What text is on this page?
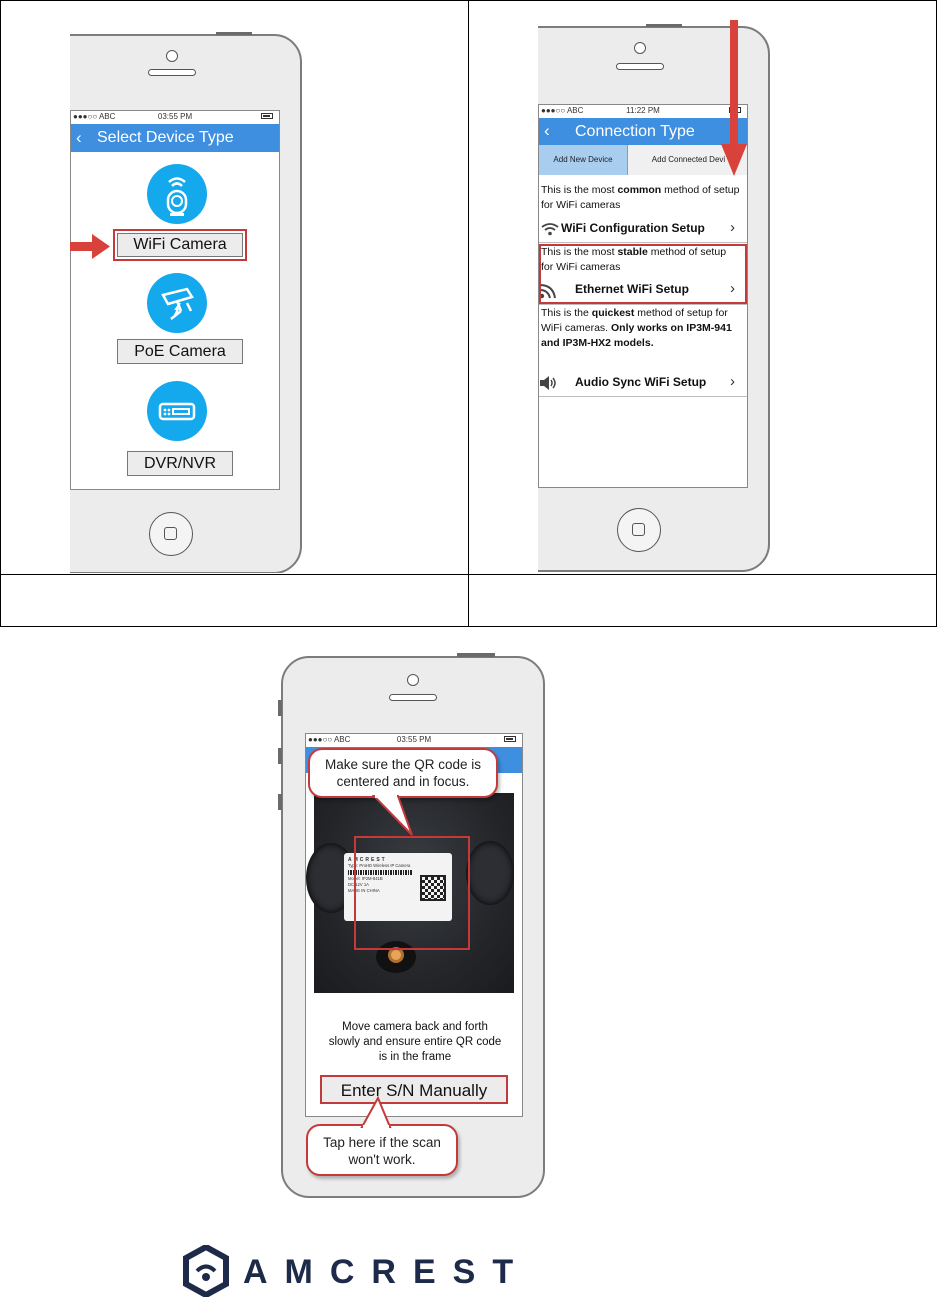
●●●○○ ABC	03:55 PM
‹ Select Device Type
WiFi Camera
PoE Camera
DVR/NVR
●●●○○ ABC	11:22 PM
‹ Connection Type
Add New Device	Add Connected Devi
This is the most common method of setup for WiFi cameras
WiFi Configuration Setup ›
This is the most stable method of setup for WiFi cameras
Ethernet WiFi Setup	›
This is the quickest method of setup for WiFi cameras. Only works on IP3M-941 and IP3M-HX2 models.
Audio Sync WiFi Setup ›
●●●○○ ABC	03:55 PM
AMCREST
Type: ProHD Wireless IP Camera
Model: IP2M-841B
DC 12V 1A
MADE IN CHINA
Move camera back and forth slowly and ensure entire QR code is in the frame
Enter S/N Manually
Make sure the QR code is centered and in focus.
Tap here if the scan won't work.
AMCREST
